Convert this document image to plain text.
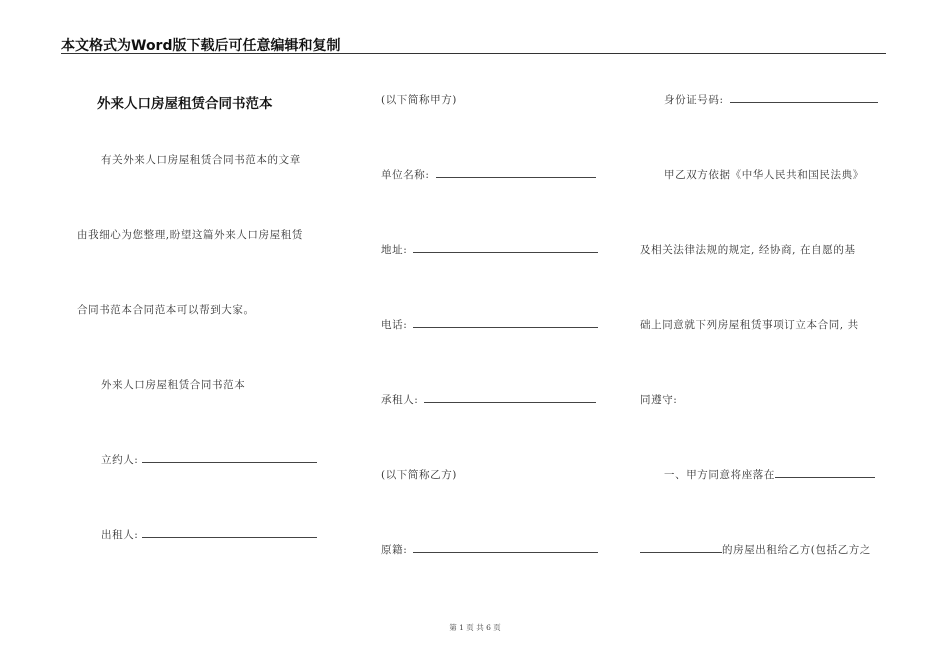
本文格式为Word版下载后可任意编辑和复制
外来人口房屋租赁合同书范本
有关外来人口房屋租赁合同书范本的文章
由我细心为您整理,盼望这篇外来人口房屋租赁
合同书范本合同范本可以帮到大家。
外来人口房屋租赁合同书范本
立约人:
出租人:
(以下简称甲方)
单位名称:
地址:
电话:
承租人:
(以下简称乙方)
原籍:
身份证号码:
甲乙双方依据《中华人民共和国民法典》
及相关法律法规的规定, 经协商, 在自愿的基
础上同意就下列房屋租赁事项订立本合同, 共
同遵守:
一、甲方同意将座落在
的房屋出租给乙方(包括乙方之
第 1 页 共 6 页
